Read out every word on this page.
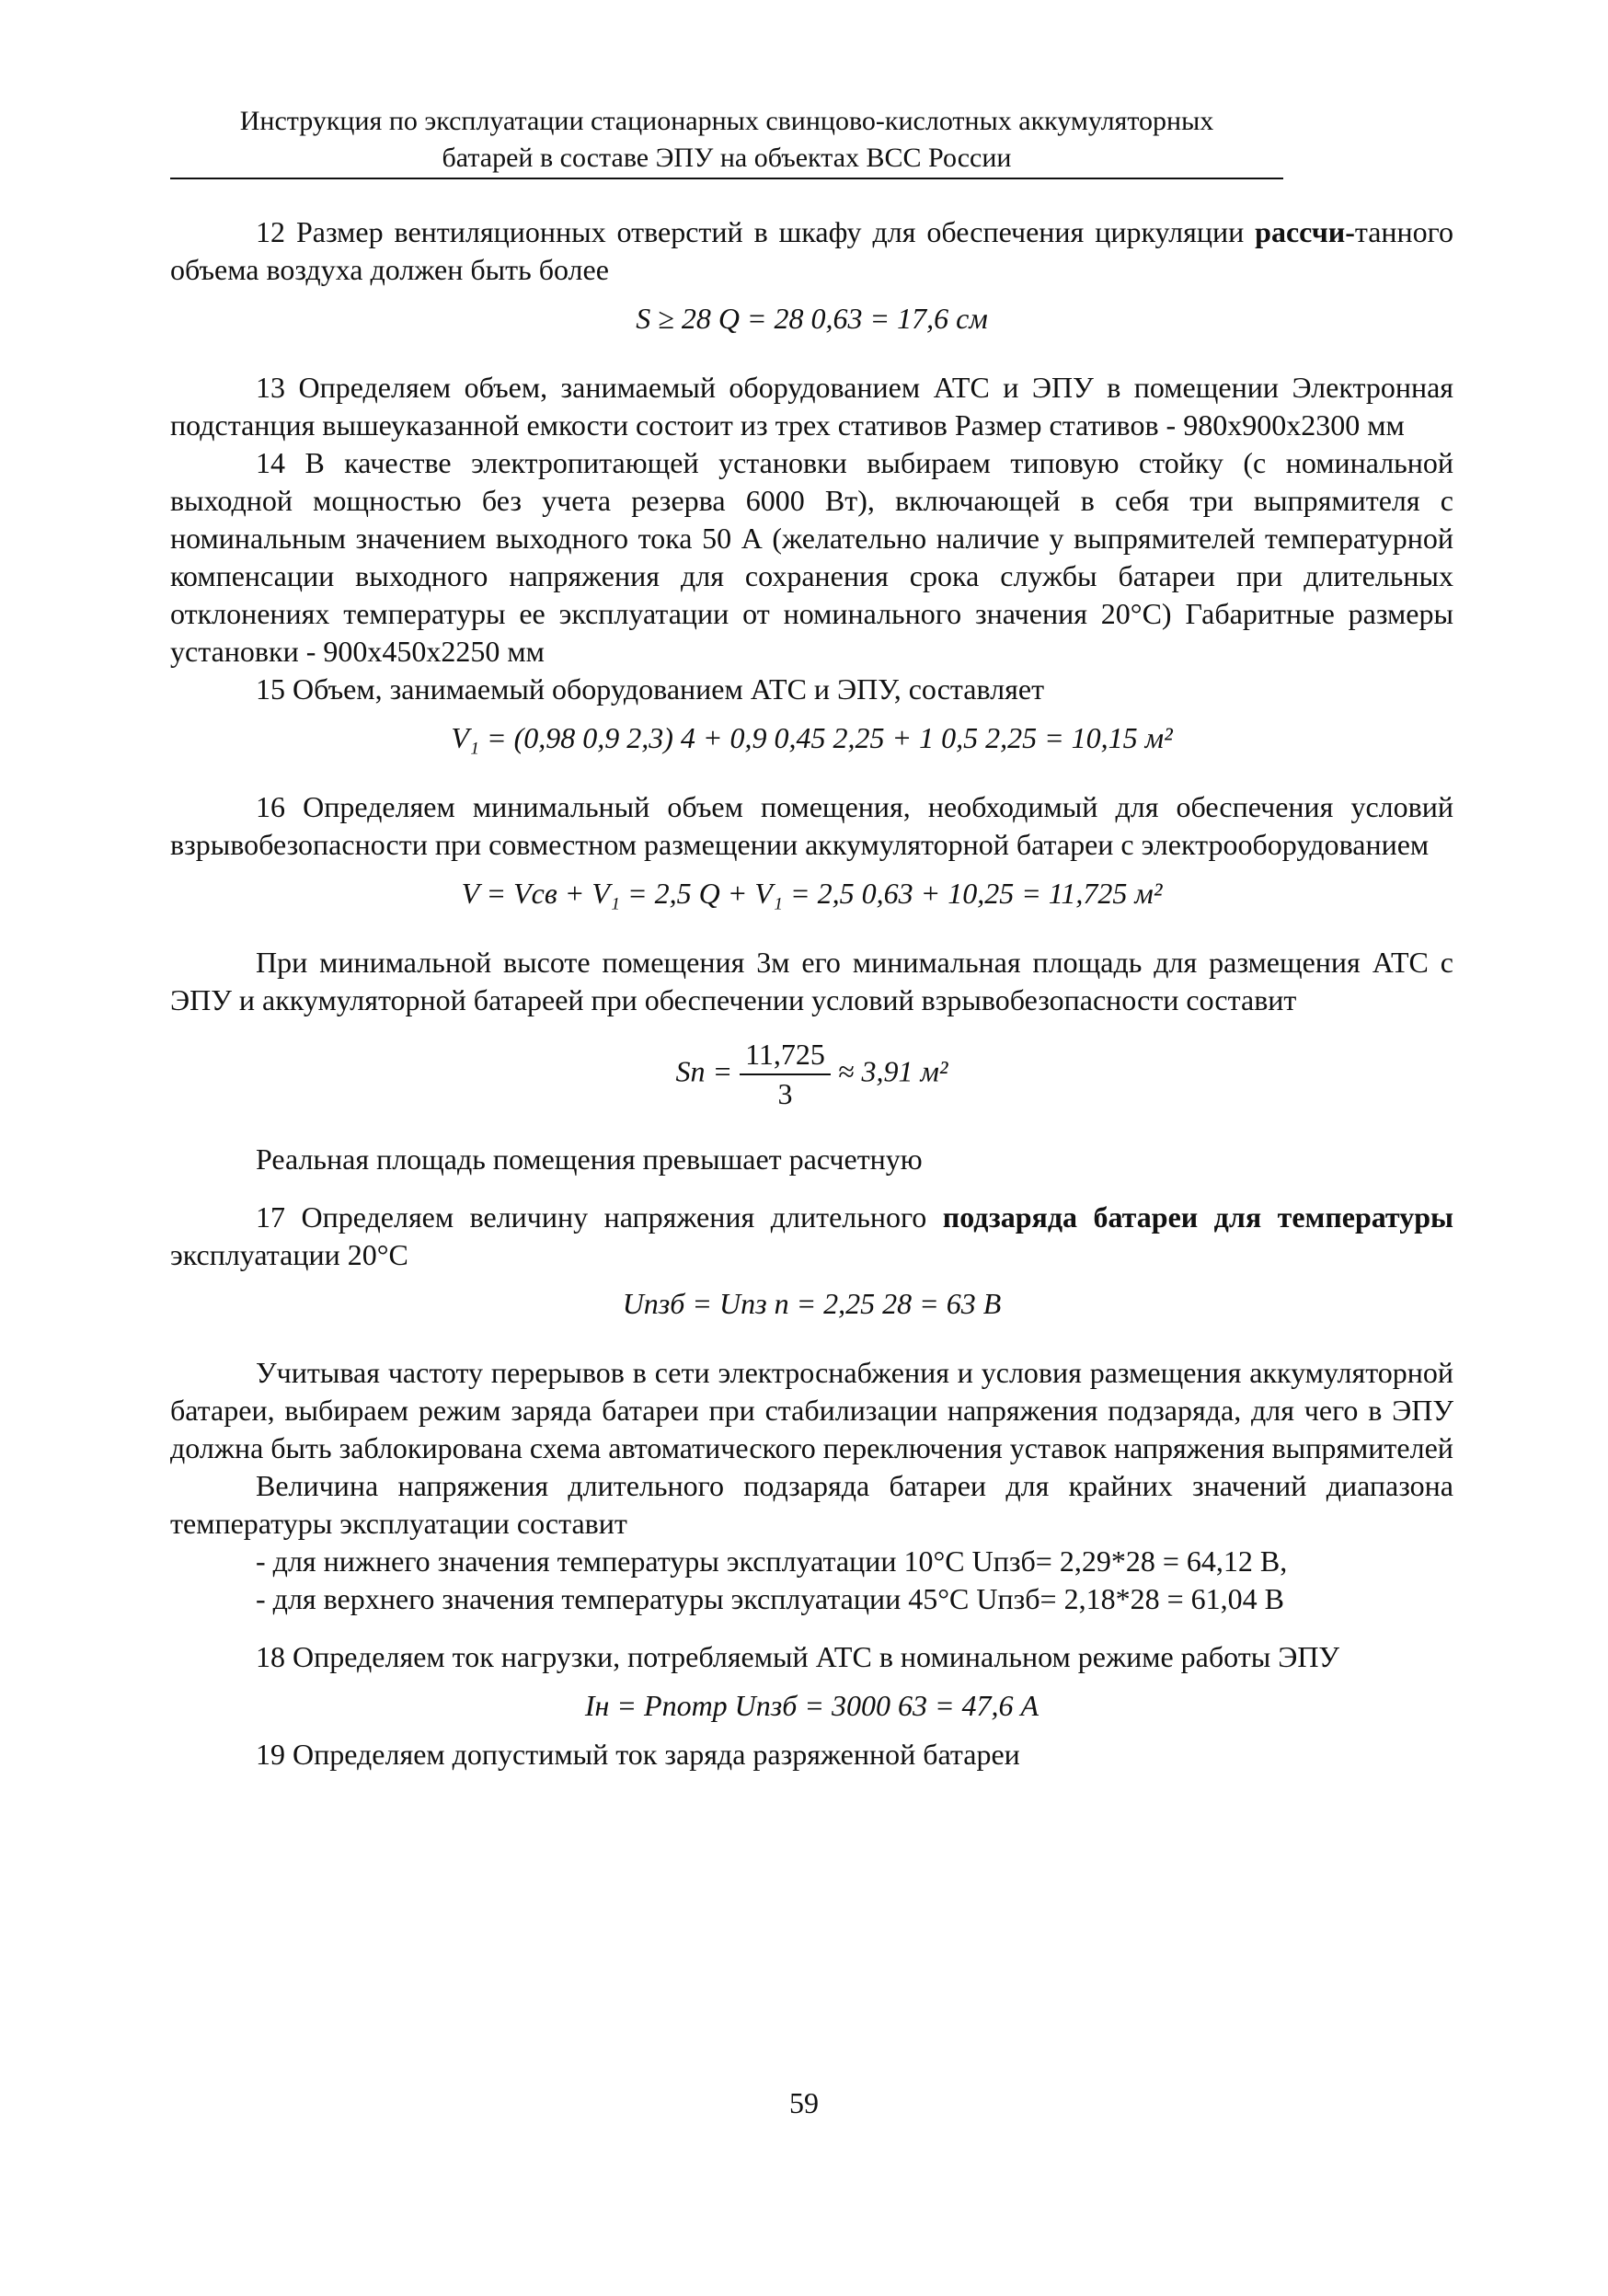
Инструкция по эксплуатации стационарных свинцово-кислотных аккумуляторных
батарей в составе ЭПУ на объектах ВСС России

12 Размер вентиляционных отверстий в шкафу для обеспечения циркуляции рассчи-танного объема воздуха должен быть более

S ≥ 28 Q = 28 0,63 = 17,6 см

13 Определяем объем, занимаемый оборудованием АТС и ЭПУ в помещении Электронная подстанция вышеуказанной емкости состоит из трех стативов Размер стативов - 980х900х2300 мм

14 В качестве электропитающей установки выбираем типовую стойку (с номинальной выходной мощностью без учета резерва 6000 Вт), включающей в себя три выпрямителя с номинальным значением выходного тока 50 А (желательно наличие у выпрямителей температурной компенсации выходного напряжения для сохранения срока службы батареи при длительных отклонениях температуры ее эксплуатации от номинального значения 20°С) Габаритные размеры установки - 900х450х2250 мм

15 Объем, занимаемый оборудованием АТС и ЭПУ, составляет

V₁ = (0,98 0,9 2,3) 4 + 0,9 0,45 2,25 + 1 0,5 2,25 = 10,15 м²

16 Определяем минимальный объем помещения, необходимый для обеспечения условий взрывобезопасности при совместном размещении аккумуляторной батареи с электрооборудованием

V = Vсв + V₁ = 2,5 Q + V₁ = 2,5 0,63 + 10,25 = 11,725 м²

При минимальной высоте помещения 3м его минимальная площадь для размещения АТС с ЭПУ и аккумуляторной батареей при обеспечении условий взрывобезопасности составит

Sп = $\frac{11,725}{3} \approx 3,91$ м²

Реальная площадь помещения превышает расчетную

17 Определяем величину напряжения длительного подзаряда батареи для температуры эксплуатации 20°С

Uпзб = Uпз n = 2,25 28 = 63 В

Учитывая частоту перерывов в сети электроснабжения и условия размещения аккумуляторной батареи, выбираем режим заряда батареи при стабилизации напряжения подзаряда, для чего в ЭПУ должна быть заблокирована схема автоматического переключения уставок напряжения выпрямителей

Величина напряжения длительного подзаряда батареи для крайних значений диапазона температуры эксплуатации составит

- для нижнего значения температуры эксплуатации 10°С Uпзб= 2,29*28 = 64,12 В,
- для верхнего значения температуры эксплуатации 45°С Uпзб= 2,18*28 = 61,04 В

18 Определяем ток нагрузки, потребляемый АТС в номинальном режиме работы ЭПУ

Iн = Pпотр Uпзб = 3000 63 = 47,6 А

19 Определяем допустимый ток заряда разряженной батареи

59
